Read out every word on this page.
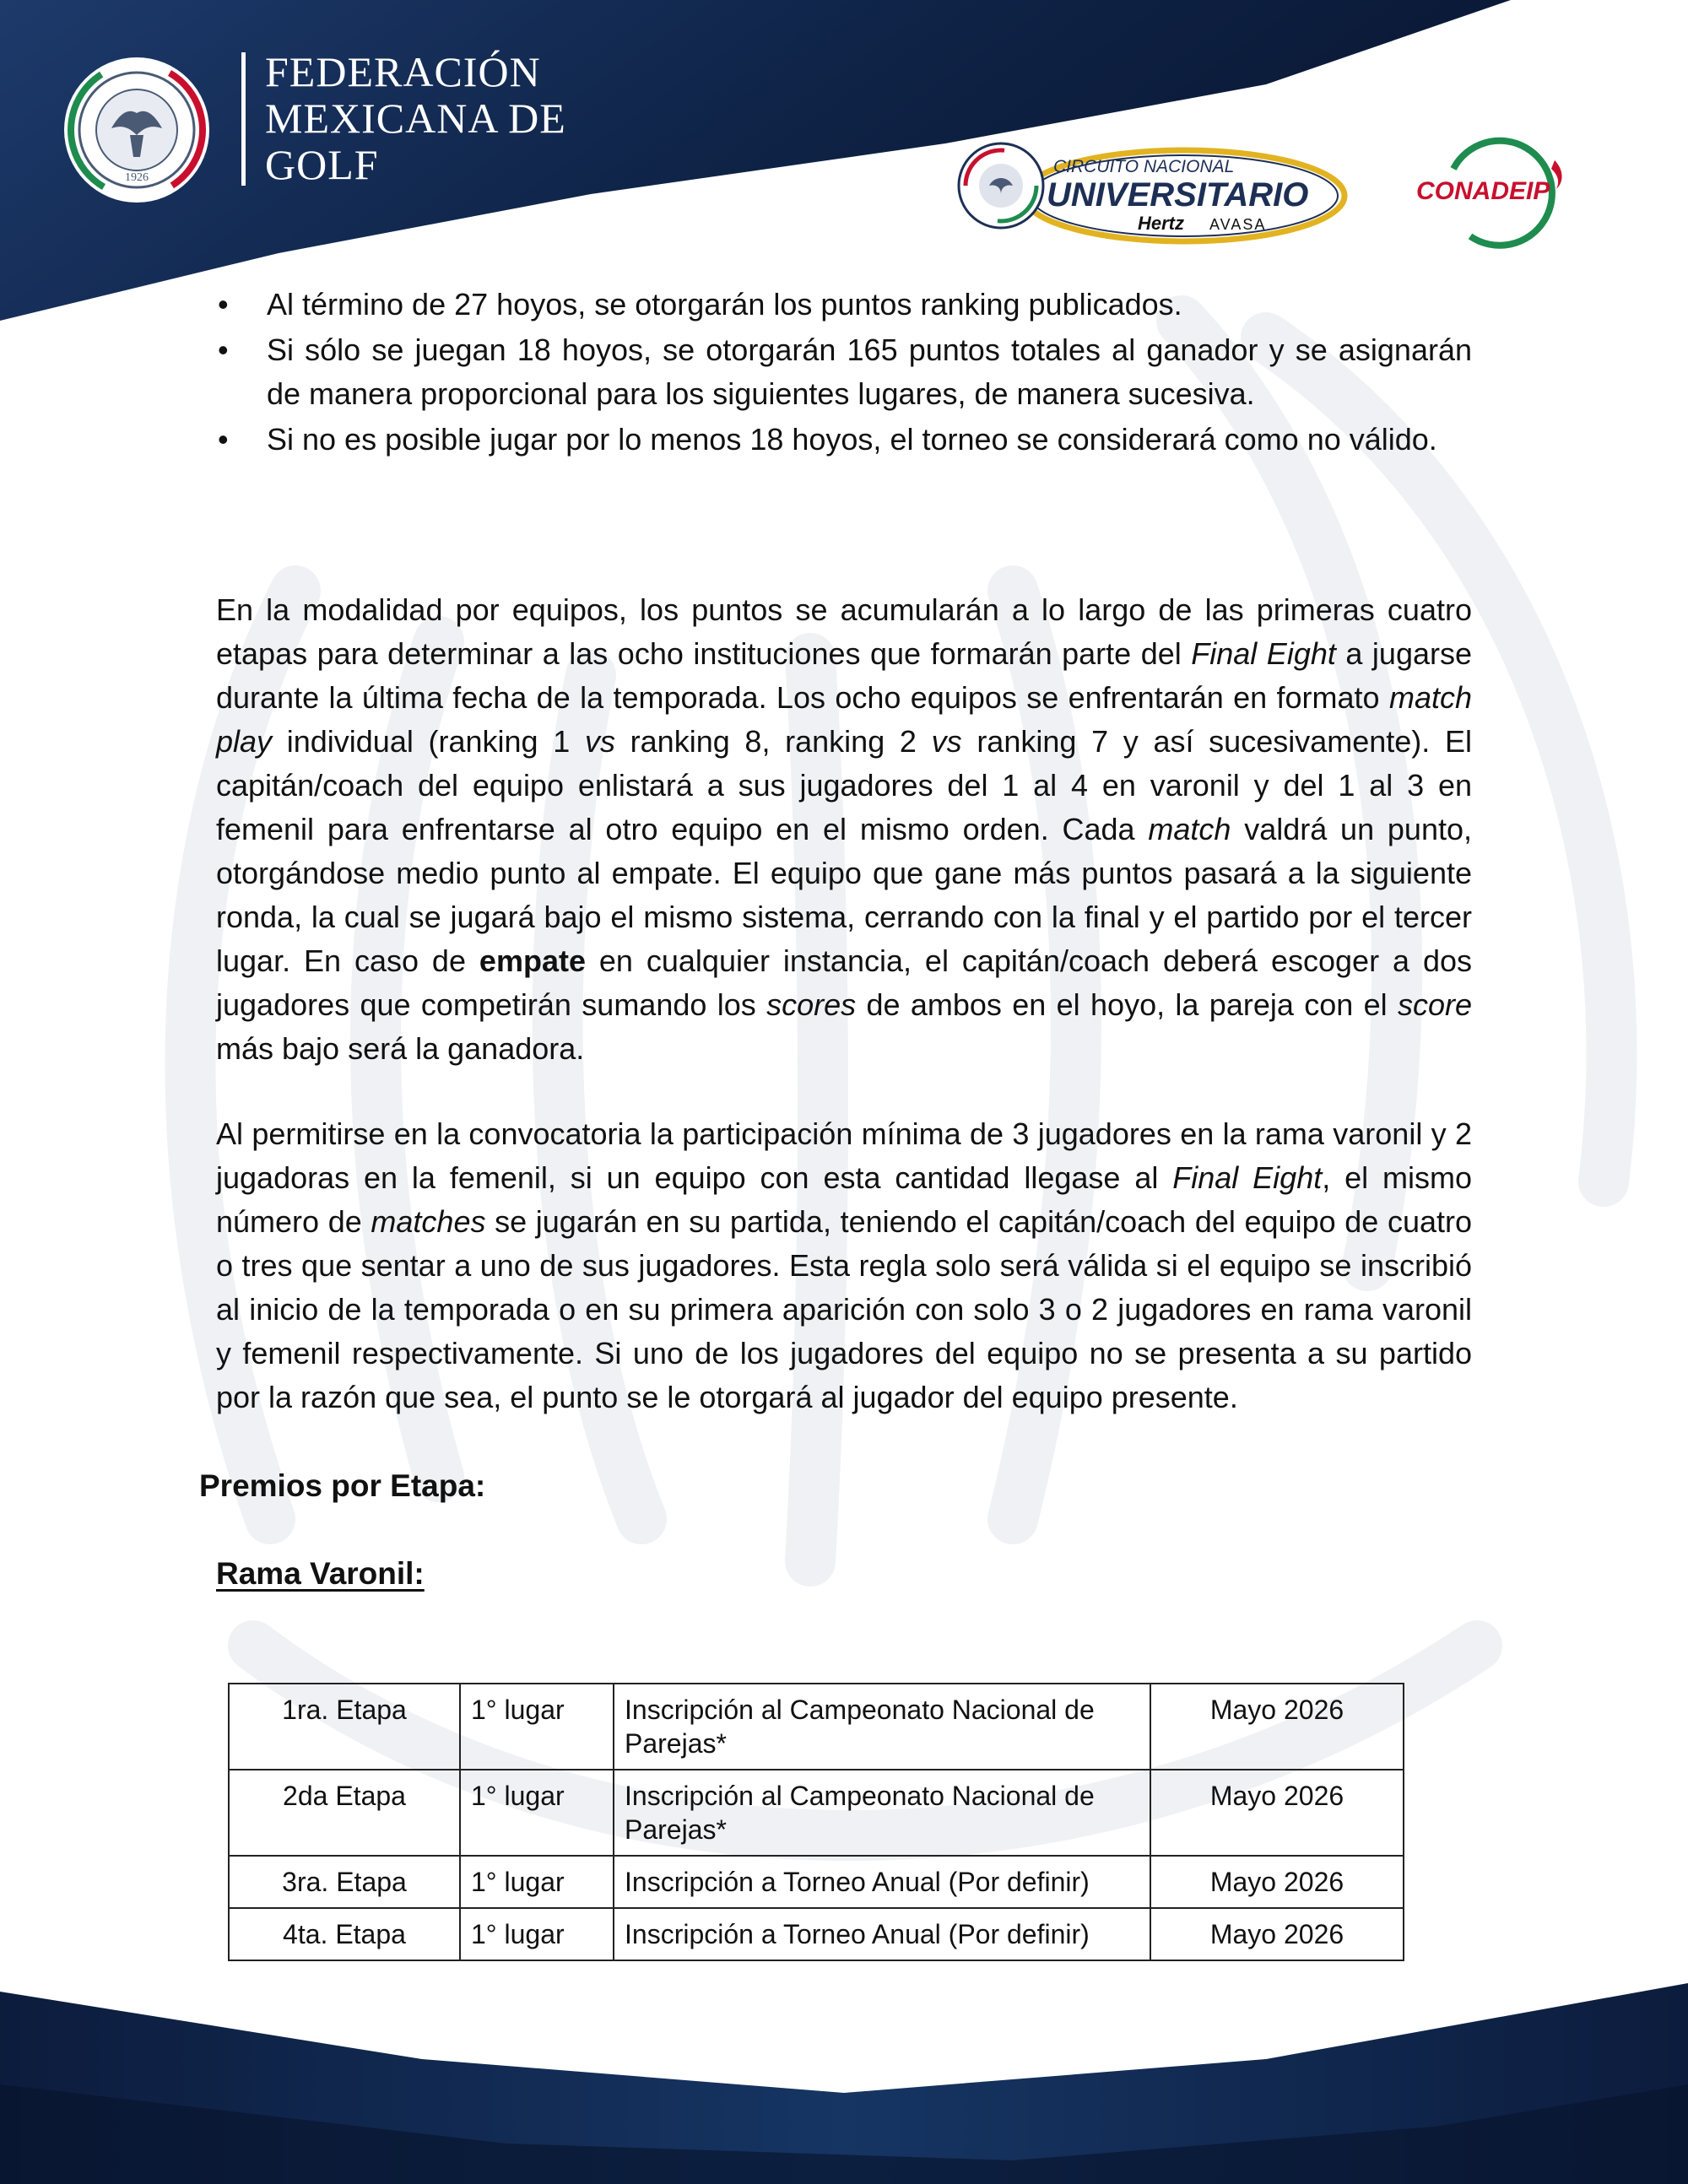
1926
FEDERACIÓN
MEXICANA DE
GOLF	CIRCUITO NACIONAL
UNIVERSITARIO
Hertz AVASA
CONADEIP
• Al término de 27 hoyos, se otorgarán los puntos ranking publicados.
• Si sólo se juegan 18 hoyos, se otorgarán 165 puntos totales al ganador y se asignarán de manera proporcional para los siguientes lugares, de manera sucesiva.
• Si no es posible jugar por lo menos 18 hoyos, el torneo se considerará como no válido.

En la modalidad por equipos, los puntos se acumularán a lo largo de las primeras cuatro etapas para determinar a las ocho instituciones que formarán parte del Final Eight a jugarse durante la última fecha de la temporada. Los ocho equipos se enfrentarán en formato match play individual (ranking 1 vs ranking 8, ranking 2 vs ranking 7 y así sucesivamente). El capitán/coach del equipo enlistará a sus jugadores del 1 al 4 en varonil y del 1 al 3 en femenil para enfrentarse al otro equipo en el mismo orden. Cada match valdrá un punto, otorgándose medio punto al empate. El equipo que gane más puntos pasará a la siguiente ronda, la cual se jugará bajo el mismo sistema, cerrando con la final y el partido por el tercer lugar. En caso de empate en cualquier instancia, el capitán/coach deberá escoger a dos jugadores que competirán sumando los scores de ambos en el hoyo, la pareja con el score más bajo será la ganadora.

Al permitirse en la convocatoria la participación mínima de 3 jugadores en la rama varonil y 2 jugadoras en la femenil, si un equipo con esta cantidad llegase al Final Eight, el mismo número de matches se jugarán en su partida, teniendo el capitán/coach del equipo de cuatro o tres que sentar a uno de sus jugadores. Esta regla solo será válida si el equipo se inscribió al inicio de la temporada o en su primera aparición con solo 3 o 2 jugadores en rama varonil y femenil respectivamente. Si uno de los jugadores del equipo no se presenta a su partido por la razón que sea, el punto se le otorgará al jugador del equipo presente.

Premios por Etapa:
Rama Varonil:
1ra. Etapa	1° lugar	Inscripción al Campeonato Nacional de Parejas*	Mayo 2026
2da Etapa	1° lugar	Inscripción al Campeonato Nacional de Parejas*	Mayo 2026
3ra. Etapa	1° lugar	Inscripción a Torneo Anual (Por definir)	Mayo 2026
4ta. Etapa	1° lugar	Inscripción a Torneo Anual (Por definir)	Mayo 2026
